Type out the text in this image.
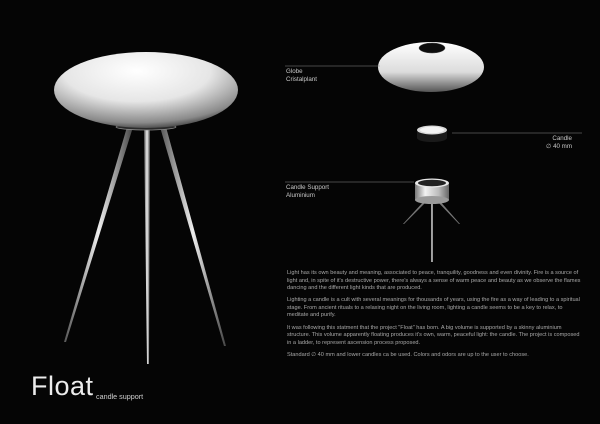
Globe
Cristalplant
Candle
∅ 40 mm
Candle Support
Aluminium

Light has its own beauty and meaning, associated to peace, tranquility, goodness and even divinity. Fire is a source of light and, in spite of it's destructive power, there's always a sense of warm peace and beauty as we observe the flames dancing and the different light kinds that are produced.

Lighting a candle is a cult with several meanings for thousands of years, using the fire as a way of leading to a spiritual stage. From ancient rituals to a relaxing night on the living room, lighting a candle seems to be a key to relax, to meditate and purify.

It was following this statment that the project "Float" has born. A big volume is supported by a skinny aluminium structure. This volume apparently floating produces it's own, warm, peaceful light: the candle. The project is composed in a ladder, to represent ascension process proposed.

Standard ∅ 40 mm and lower candles ca be used. Colors and odors are up to the user to choose.

Float candle support
